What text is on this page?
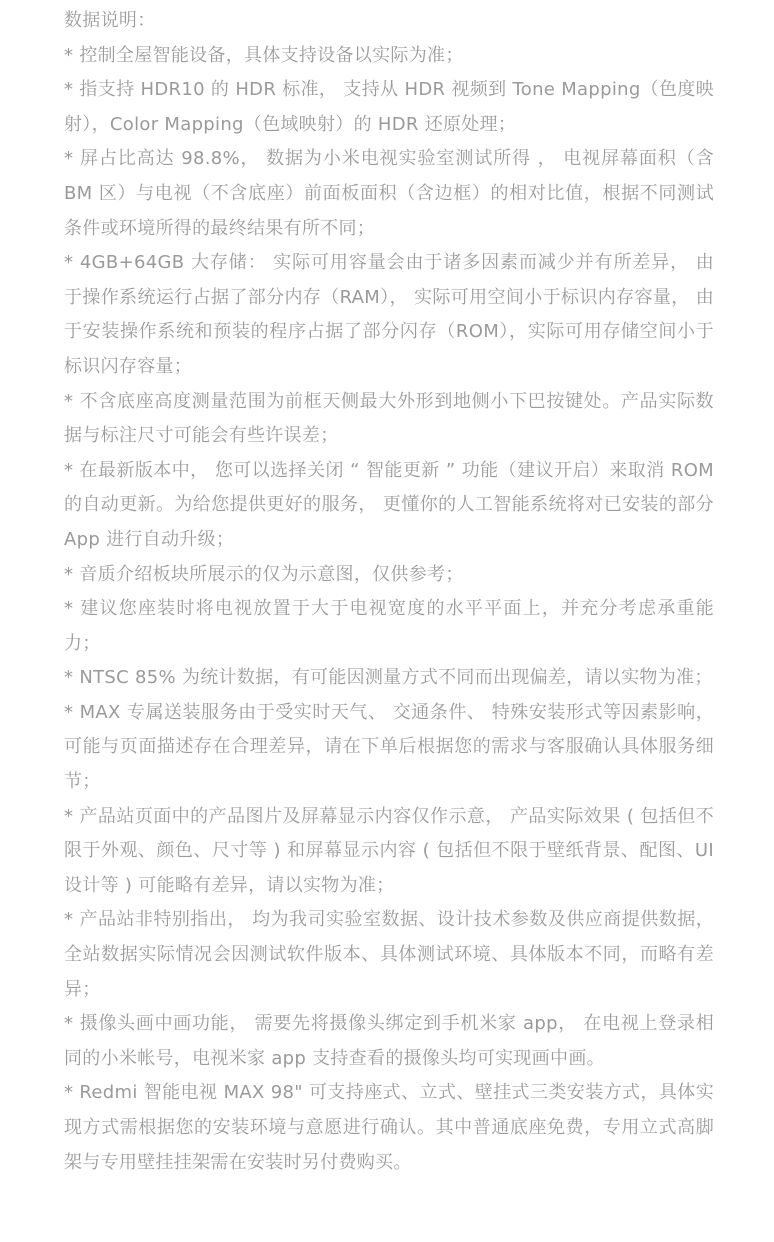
数据说明：
* 控制全屋智能设备，具体支持设备以实际为准；
* 指支持 HDR10 的 HDR 标准， 支持从 HDR 视频到 Tone Mapping（色度映射），Color Mapping（色域映射）的 HDR 还原处理；
* 屏占比高达 98.8%， 数据为小米电视实验室测试所得 ， 电视屏幕面积（含 BM 区）与电视（不含底座）前面板面积（含边框）的相对比值，根据不同测试条件或环境所得的最终结果有所不同；
* 4GB+64GB 大存储： 实际可用容量会由于诸多因素而减少并有所差异， 由于操作系统运行占据了部分内存（RAM）， 实际可用空间小于标识内存容量， 由于安装操作系统和预装的程序占据了部分闪存（ROM），实际可用存储空间小于标识闪存容量；
* 不含底座高度测量范围为前框天侧最大外形到地侧小下巴按键处。产品实际数据与标注尺寸可能会有些许误差；
* 在最新版本中， 您可以选择关闭 “ 智能更新 ” 功能（建议开启）来取消 ROM 的自动更新。为给您提供更好的服务， 更懂你的人工智能系统将对已安装的部分 App 进行自动升级；
* 音质介绍板块所展示的仅为示意图，仅供参考；
* 建议您座装时将电视放置于大于电视宽度的水平平面上，并充分考虑承重能力；
* NTSC 85% 为统计数据，有可能因测量方式不同而出现偏差，请以实物为准；
* MAX 专属送装服务由于受实时天气、 交通条件、 特殊安装形式等因素影响，可能与页面描述存在合理差异，请在下单后根据您的需求与客服确认具体服务细节；
* 产品站页面中的产品图片及屏幕显示内容仅作示意， 产品实际效果 ( 包括但不限于外观、颜色、尺寸等 ) 和屏幕显示内容 ( 包括但不限于壁纸背景、配图、UI 设计等 ) 可能略有差异，请以实物为准；
* 产品站非特别指出， 均为我司实验室数据、设计技术参数及供应商提供数据，全站数据实际情况会因测试软件版本、具体测试环境、具体版本不同，而略有差异；
* 摄像头画中画功能， 需要先将摄像头绑定到手机米家 app， 在电视上登录相同的小米帐号，电视米家 app 支持查看的摄像头均可实现画中画。
* Redmi 智能电视 MAX 98" 可支持座式、立式、壁挂式三类安装方式，具体实现方式需根据您的安装环境与意愿进行确认。其中普通底座免费，专用立式高脚架与专用壁挂挂架需在安装时另付费购买。
